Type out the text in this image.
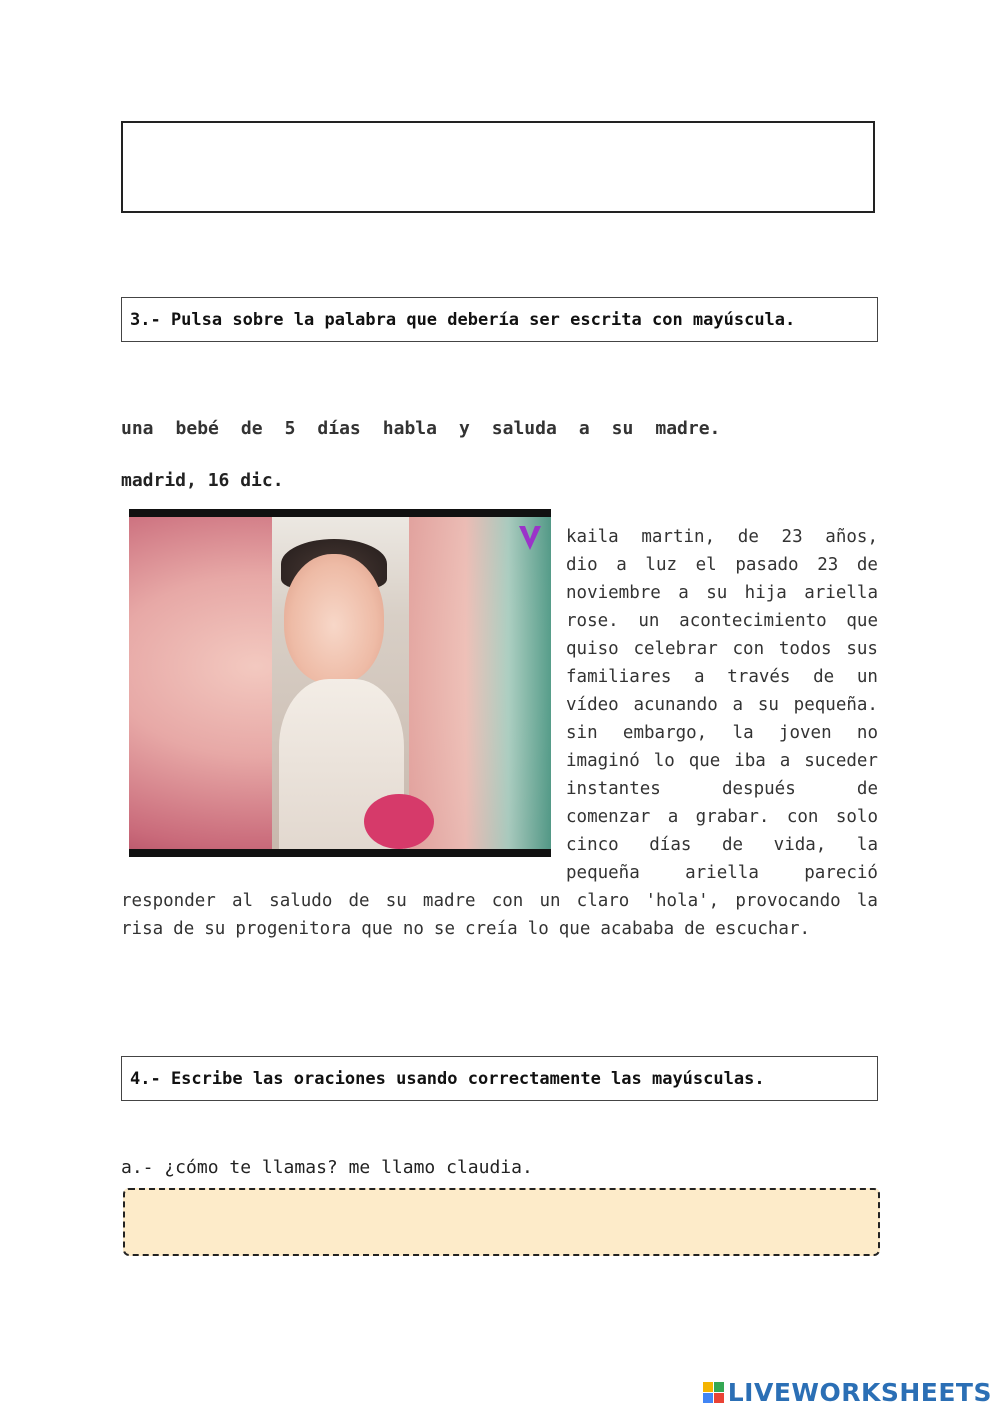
3.- Pulsa sobre la palabra que debería ser escrita con mayúscula.
una bebé de 5 días habla y saluda a su madre.
madrid, 16 dic.
kaila martin, de 23 años,
dio a luz el pasado 23 de
noviembre a su hija ariella
rose. un acontecimiento que
quiso celebrar con todos sus
familiares a través de un
vídeo acunando a su pequeña.
sin embargo, la joven no
imaginó lo que iba a suceder
instantes	después	de
comenzar a grabar. con solo
cinco días de vida, la
pequeña	ariella	pareció
responder al saludo de su madre con un claro 'hola', provocando la
risa de su progenitora que no se creía lo que acababa de escuchar.
4.- Escribe las oraciones usando correctamente las mayúsculas.
a.- ¿cómo te llamas? me llamo claudia.
LIVEWORKSHEETS
